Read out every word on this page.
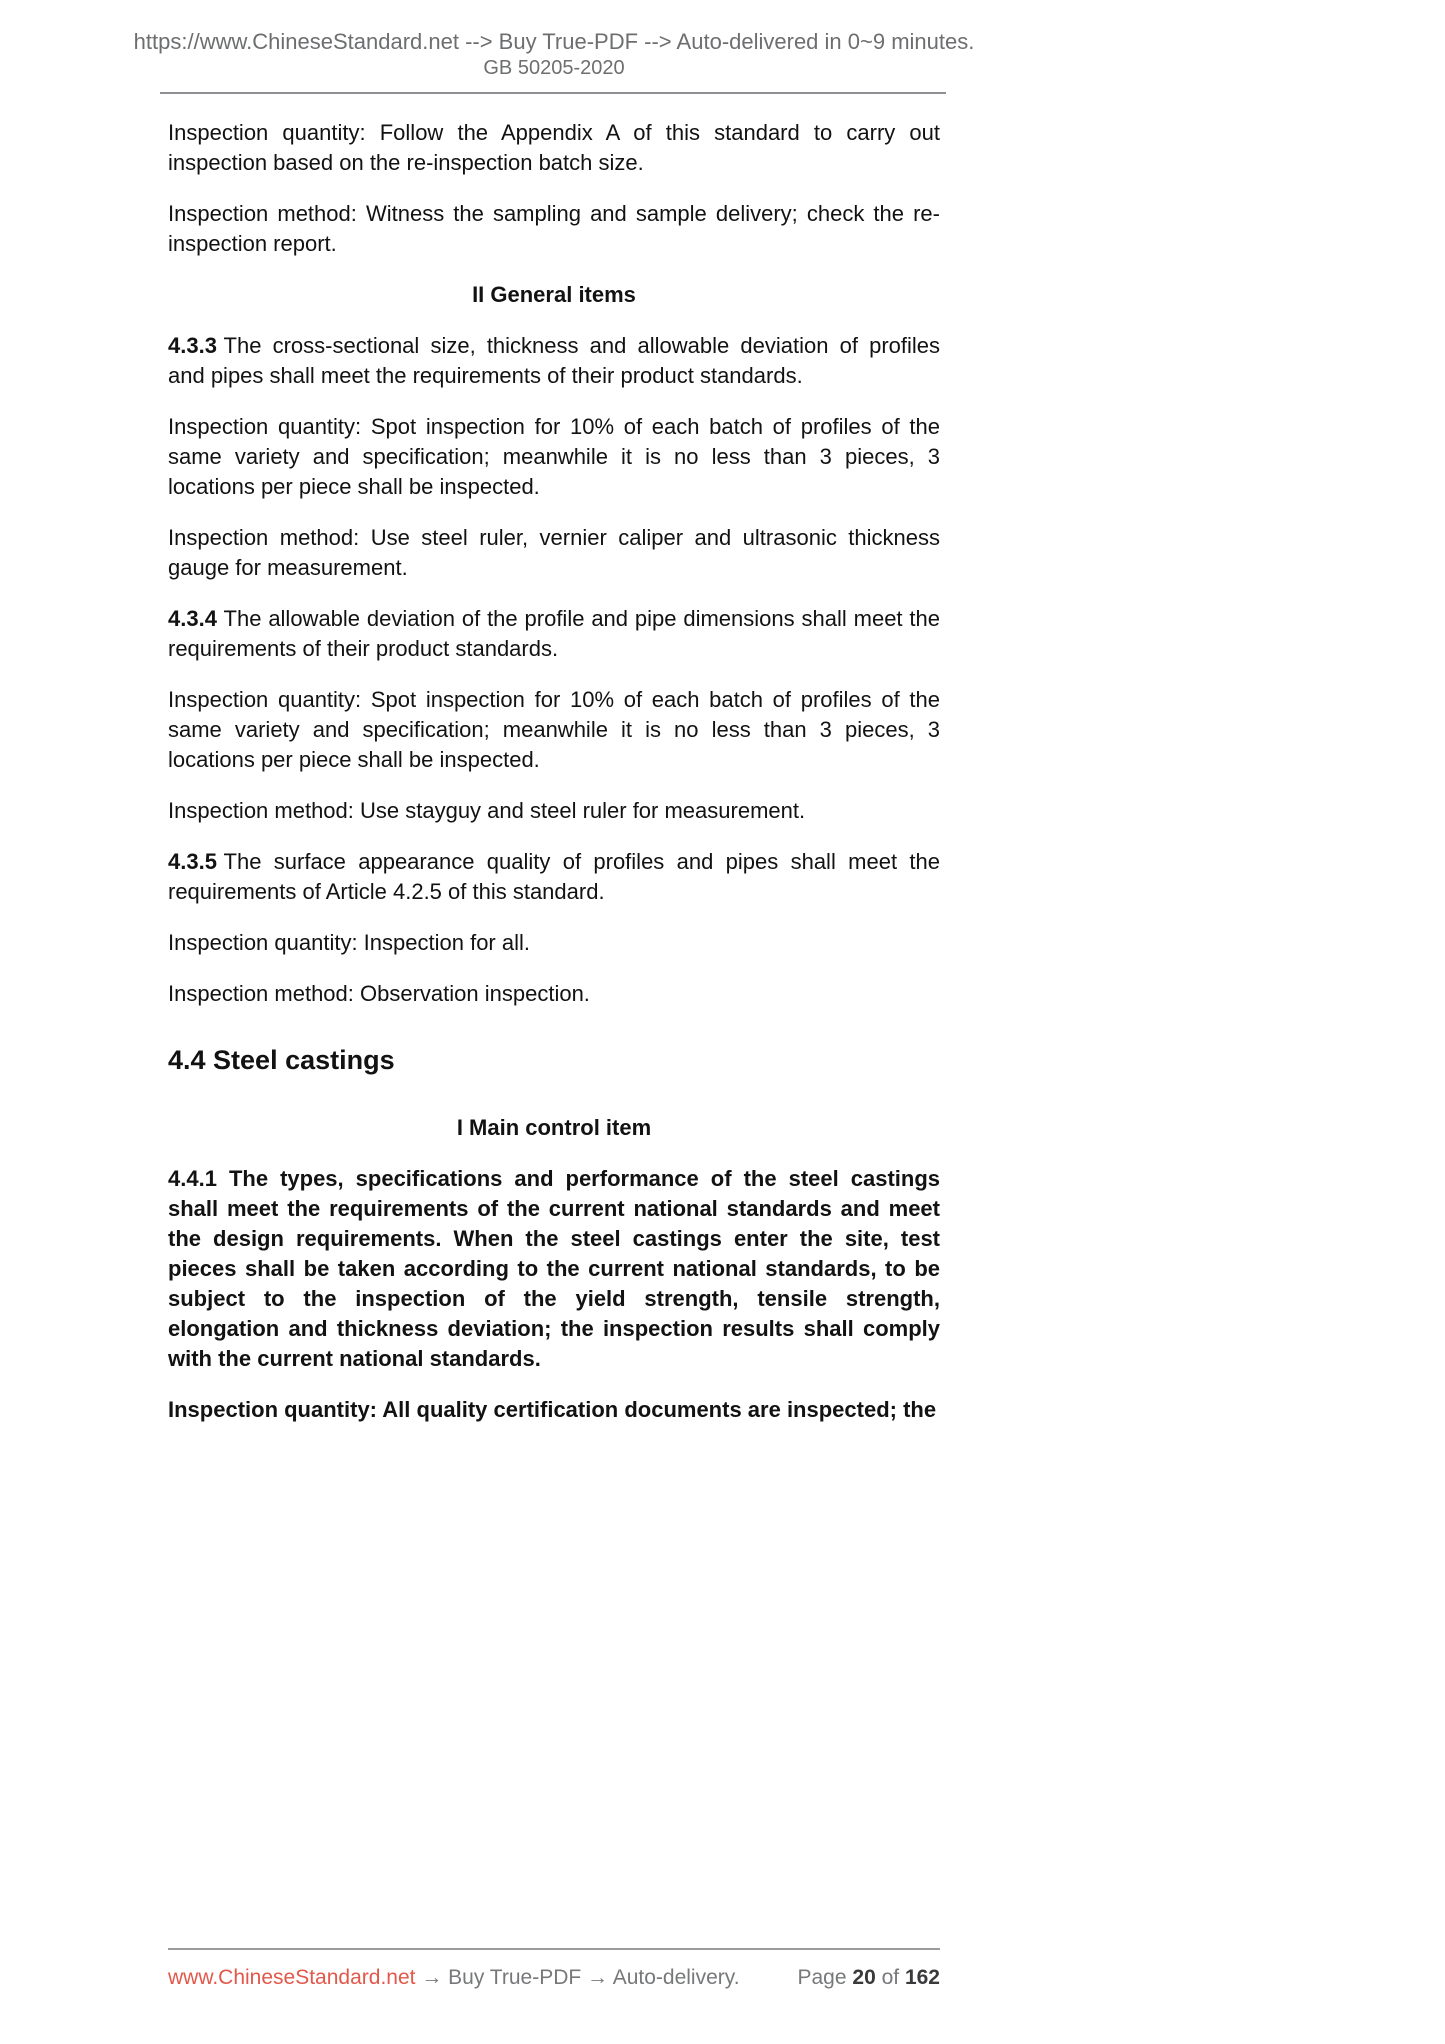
https://www.ChineseStandard.net --> Buy True-PDF --> Auto-delivered in 0~9 minutes.
GB 50205-2020

Inspection quantity: Follow the Appendix A of this standard to carry out inspection based on the re-inspection batch size.

Inspection method: Witness the sampling and sample delivery; check the re-inspection report.

II General items

4.3.3 The cross-sectional size, thickness and allowable deviation of profiles and pipes shall meet the requirements of their product standards.

Inspection quantity: Spot inspection for 10% of each batch of profiles of the same variety and specification; meanwhile it is no less than 3 pieces, 3 locations per piece shall be inspected.

Inspection method: Use steel ruler, vernier caliper and ultrasonic thickness gauge for measurement.

4.3.4 The allowable deviation of the profile and pipe dimensions shall meet the requirements of their product standards.

Inspection quantity: Spot inspection for 10% of each batch of profiles of the same variety and specification; meanwhile it is no less than 3 pieces, 3 locations per piece shall be inspected.

Inspection method: Use stayguy and steel ruler for measurement.

4.3.5 The surface appearance quality of profiles and pipes shall meet the requirements of Article 4.2.5 of this standard.

Inspection quantity: Inspection for all.

Inspection method: Observation inspection.

4.4 Steel castings
I Main control item

4.4.1 The types, specifications and performance of the steel castings shall meet the requirements of the current national standards and meet the design requirements. When the steel castings enter the site, test pieces shall be taken according to the current national standards, to be subject to the inspection of the yield strength, tensile strength, elongation and thickness deviation; the inspection results shall comply with the current national standards.

Inspection quantity: All quality certification documents are inspected; the

www.ChineseStandard.net → Buy True-PDF → Auto-delivery.	Page 20 of 162
